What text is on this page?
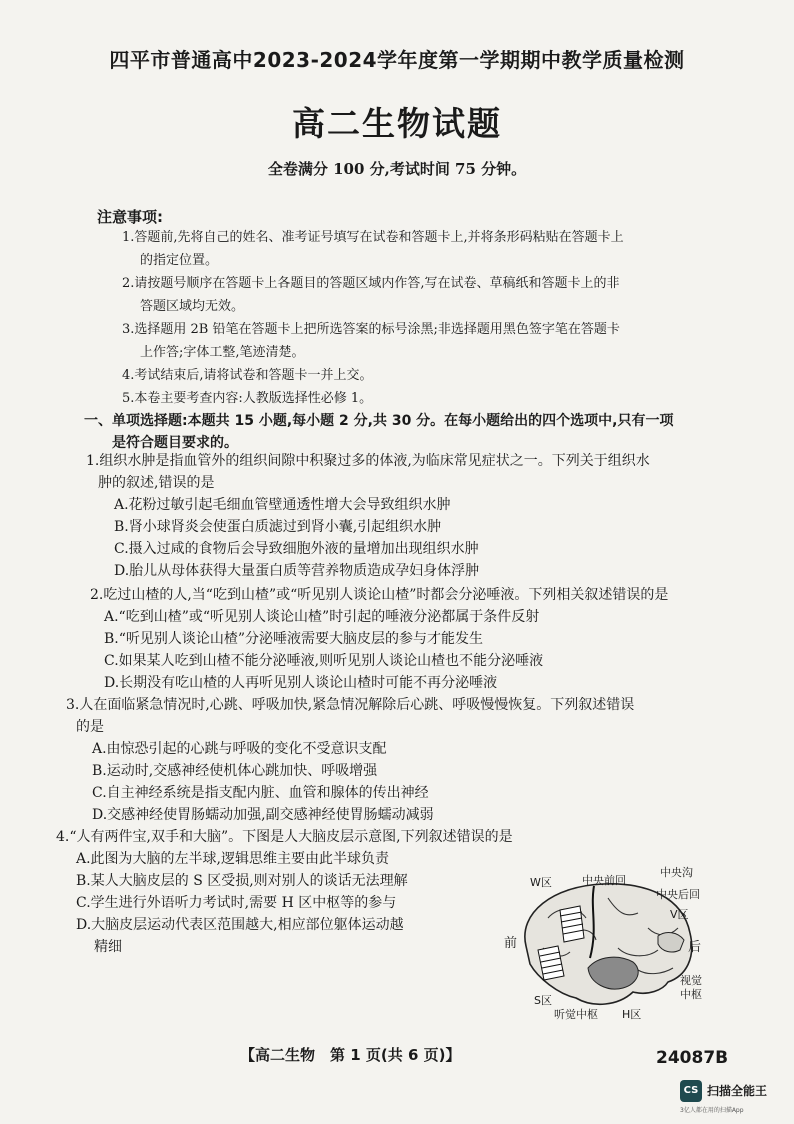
四平市普通高中2023-2024学年度第一学期期中教学质量检测
高二生物试题
全卷满分 100 分,考试时间 75 分钟。
注意事项:
1.答题前,先将自己的姓名、准考证号填写在试卷和答题卡上,并将条形码粘贴在答题卡上
的指定位置。
2.请按题号顺序在答题卡上各题目的答题区域内作答,写在试卷、草稿纸和答题卡上的非
答题区域均无效。
3.选择题用 2B 铅笔在答题卡上把所选答案的标号涂黑;非选择题用黑色签字笔在答题卡
上作答;字体工整,笔迹清楚。
4.考试结束后,请将试卷和答题卡一并上交。
5.本卷主要考查内容:人教版选择性必修 1。
一、单项选择题:本题共 15 小题,每小题 2 分,共 30 分。在每小题给出的四个选项中,只有一项
是符合题目要求的。
1.组织水肿是指血管外的组织间隙中积聚过多的体液,为临床常见症状之一。下列关于组织水
肿的叙述,错误的是
A.花粉过敏引起毛细血管壁通透性增大会导致组织水肿
B.肾小球肾炎会使蛋白质滤过到肾小囊,引起组织水肿
C.摄入过咸的食物后会导致细胞外液的量增加出现组织水肿
D.胎儿从母体获得大量蛋白质等营养物质造成孕妇身体浮肿
2.吃过山楂的人,当“吃到山楂”或“听见别人谈论山楂”时都会分泌唾液。下列相关叙述错误的是
A.“吃到山楂”或“听见别人谈论山楂”时引起的唾液分泌都属于条件反射
B.“听见别人谈论山楂”分泌唾液需要大脑皮层的参与才能发生
C.如果某人吃到山楂不能分泌唾液,则听见别人谈论山楂也不能分泌唾液
D.长期没有吃山楂的人再听见别人谈论山楂时可能不再分泌唾液
3.人在面临紧急情况时,心跳、呼吸加快,紧急情况解除后心跳、呼吸慢慢恢复。下列叙述错误
的是
A.由惊恐引起的心跳与呼吸的变化不受意识支配
B.运动时,交感神经使机体心跳加快、呼吸增强
C.自主神经系统是指支配内脏、血管和腺体的传出神经
D.交感神经使胃肠蠕动加强,副交感神经使胃肠蠕动减弱
4.“人有两件宝,双手和大脑”。下图是人大脑皮层示意图,下列叙述错误的是
A.此图为大脑的左半球,逻辑思维主要由此半球负责
B.某人大脑皮层的 S 区受损,则对别人的谈话无法理解
C.学生进行外语听力考试时,需要 H 区中枢等的参与
D.大脑皮层运动代表区范围越大,相应部位躯体运动越
精细
W区	中央前回
中央沟
中央后回
V区
前	后
视觉
中枢
S区
听觉中枢 H区
【高二生物　第 1 页(共 6 页)】	24087B
CS 扫描全能王
3亿人都在用的扫描App
